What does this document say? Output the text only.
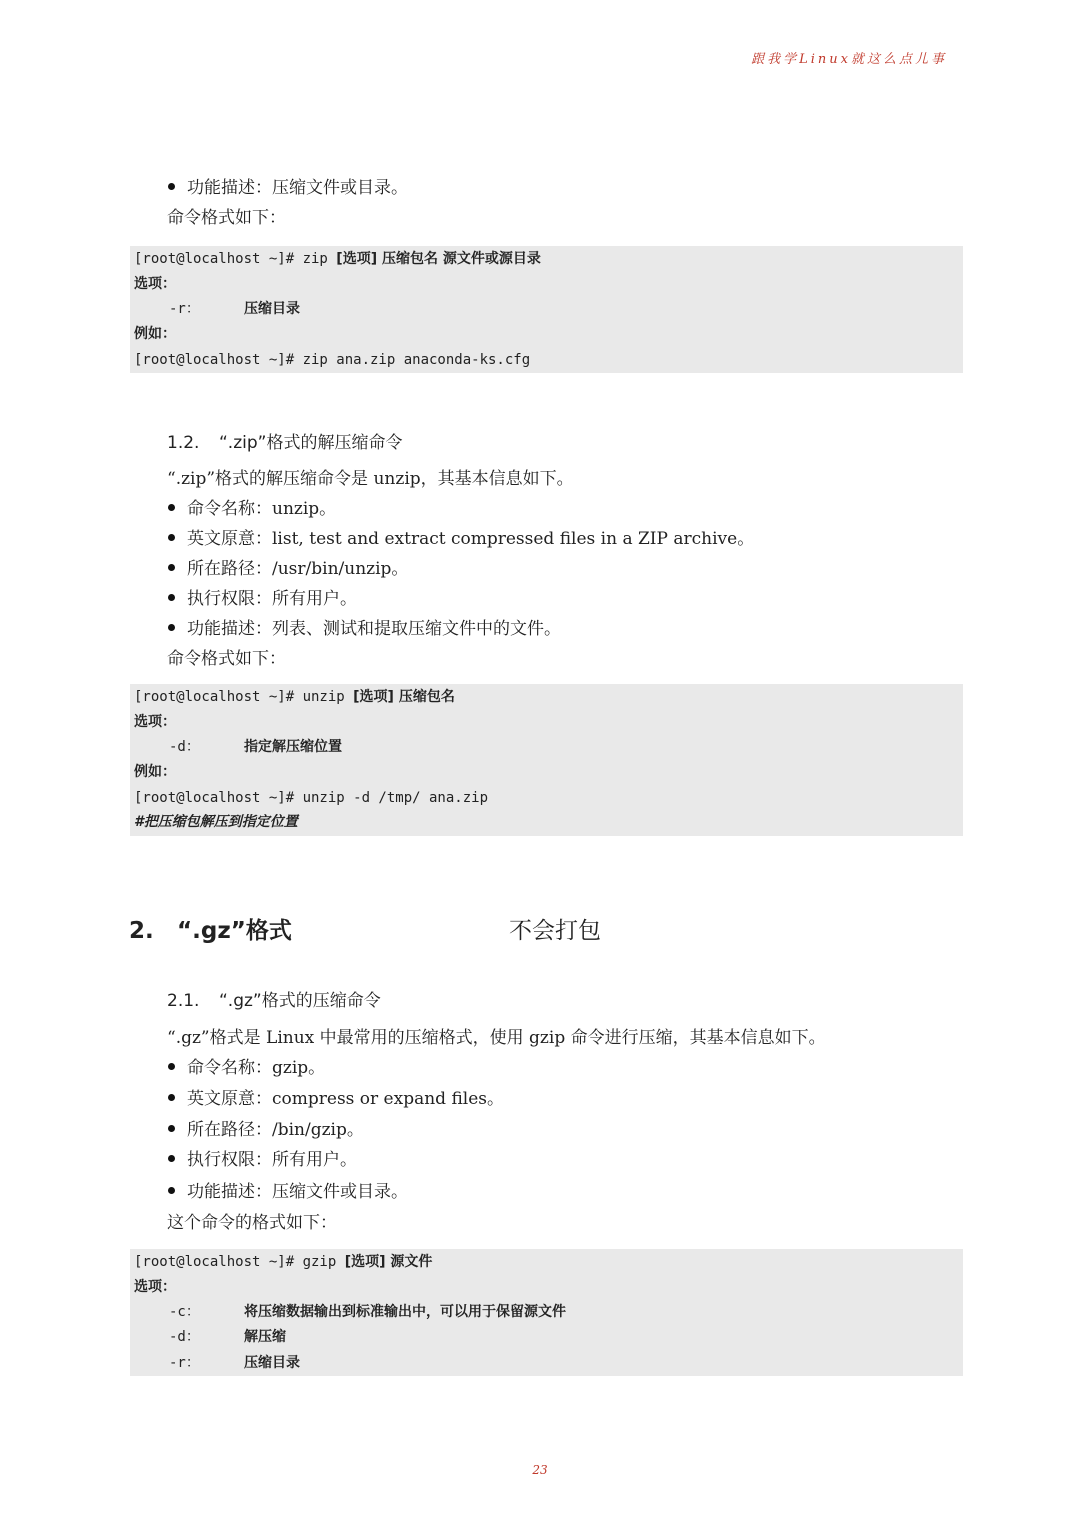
跟我学Linux就这么点儿事
功能描述：压缩文件或目录。
命令格式如下：
[root@localhost ~]# zip [选项] 压缩包名 源文件或源目录
选项：
-r：	压缩目录
例如：
[root@localhost ~]# zip ana.zip anaconda-ks.cfg
1.2. “.zip”格式的解压缩命令
“.zip”格式的解压缩命令是 unzip，其基本信息如下。
命令名称：unzip。
英文原意：list, test and extract compressed files in a ZIP archive。
所在路径：/usr/bin/unzip。
执行权限：所有用户。
功能描述：列表、测试和提取压缩文件中的文件。
命令格式如下：
[root@localhost ~]# unzip [选项] 压缩包名
选项：
-d：	指定解压缩位置
例如：
[root@localhost ~]# unzip -d /tmp/ ana.zip
#把压缩包解压到指定位置
2. “.gz”格式	不会打包
2.1. “.gz”格式的压缩命令
“.gz”格式是 Linux 中最常用的压缩格式，使用 gzip 命令进行压缩，其基本信息如下。
命令名称：gzip。
英文原意：compress or expand files。
所在路径：/bin/gzip。
执行权限：所有用户。
功能描述：压缩文件或目录。
这个命令的格式如下：
[root@localhost ~]# gzip [选项] 源文件
选项：
-c：	将压缩数据输出到标准输出中，可以用于保留源文件
-d：	解压缩
-r：	压缩目录
23
